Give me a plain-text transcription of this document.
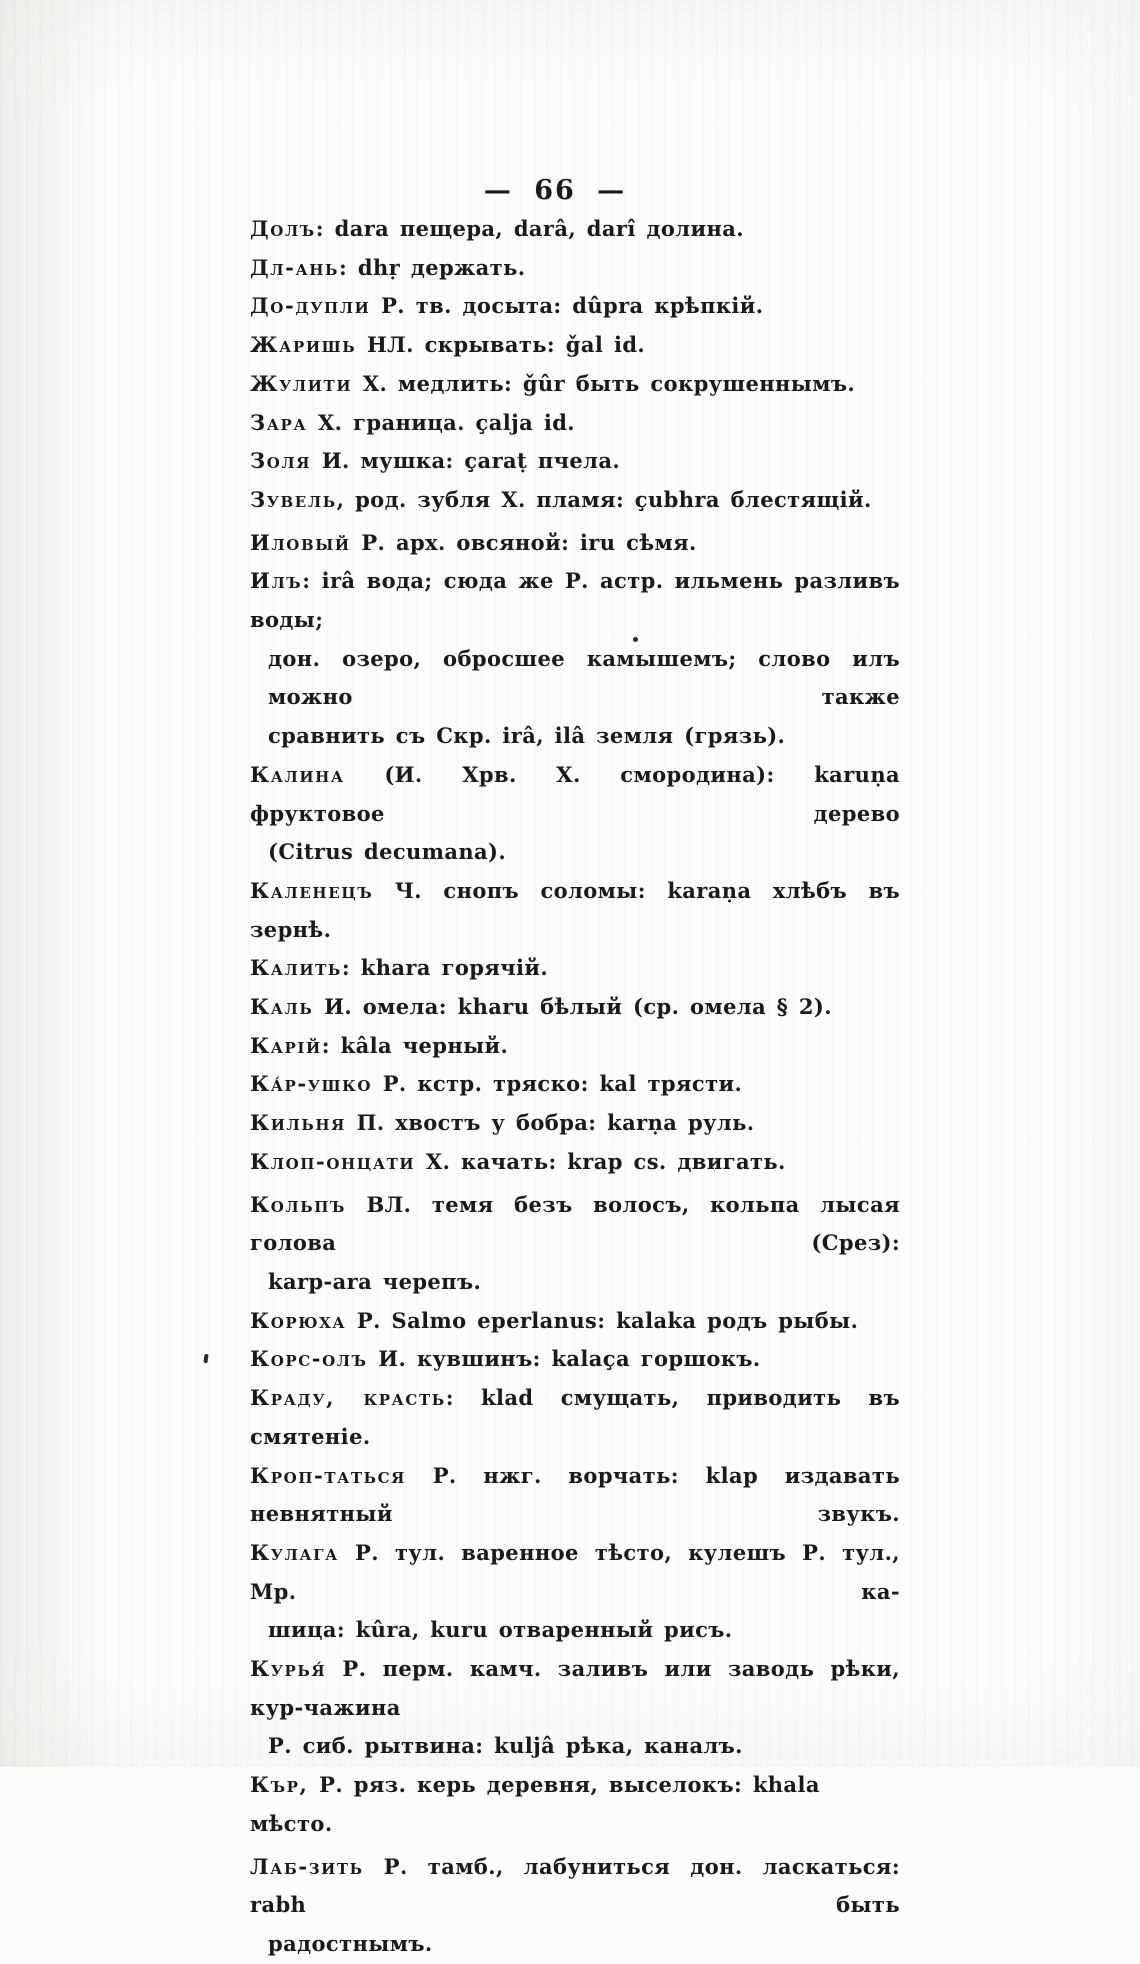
— 66 —
Долъ: dara пещера, darâ, darî долина.
Дл-ань: dhṛ держать.
До-дупли Р. тв. досыта: dûpra крѣпкій.
Жаришь НЛ. скрывать: ǧal id.
Жулити Х. медлить: ǧûr быть сокрушеннымъ.
Зара Х. граница. çalja id.
Золя И. мушка: çaraṭ пчела.
Зувель, род. зубля Х. пламя: çubhra блестящій.
Иловый Р. арх. овсяной: iru сѣмя.
Илъ: irâ вода; сюда же Р. астр. ильмень разливъ воды;
дон. озеро, обросшее камышемъ; слово илъ можно также
сравнить съ Скр. irâ, ilâ земля (грязь).
Калина (И. Хрв. Х. смородина): karuṇa фруктовое дерево
(Citrus decumana).
Каленецъ Ч. снопъ соломы: karaṇa хлѣбъ въ зернѣ.
Калить: khara горячій.
Каль И. омела: kharu бѣлый (ср. омела § 2).
Карій: kâla черный.
Ка́р-ушко Р. кстр. тряско: kal трясти.
Кильня П. хвостъ у бобра: karṇa руль.
Клоп-онцати Х. качать: krap cs. двигать.
Кольпъ ВЛ. темя безъ волосъ, кольпа лысая голова (Срез):
karp-ara черепъ.
Корюха Р. Salmo eperlanus: kalaka родъ рыбы.
Корс-олъ И. кувшинъ: kalaça горшокъ.
Краду, красть: klad смущать, приводить въ смятеніе.
Кроп-таться Р. нжг. ворчать: klap издавать невнятный звукъ.
Кулага Р. тул. варенное тѣсто, кулешъ Р. тул., Мр. ка-
шица: kûra, kuru отваренный рисъ.
Курья́ Р. перм. камч. заливъ или заводь рѣки, кур-чажина
Р. сиб. рытвина: kuljâ рѣка, каналъ.
Кър, Р. ряз. керь деревня, выселокъ: khala мѣсто.
Лаб-зить Р. тамб., лабуниться дон. ласкаться: rabh быть
радостнымъ.
